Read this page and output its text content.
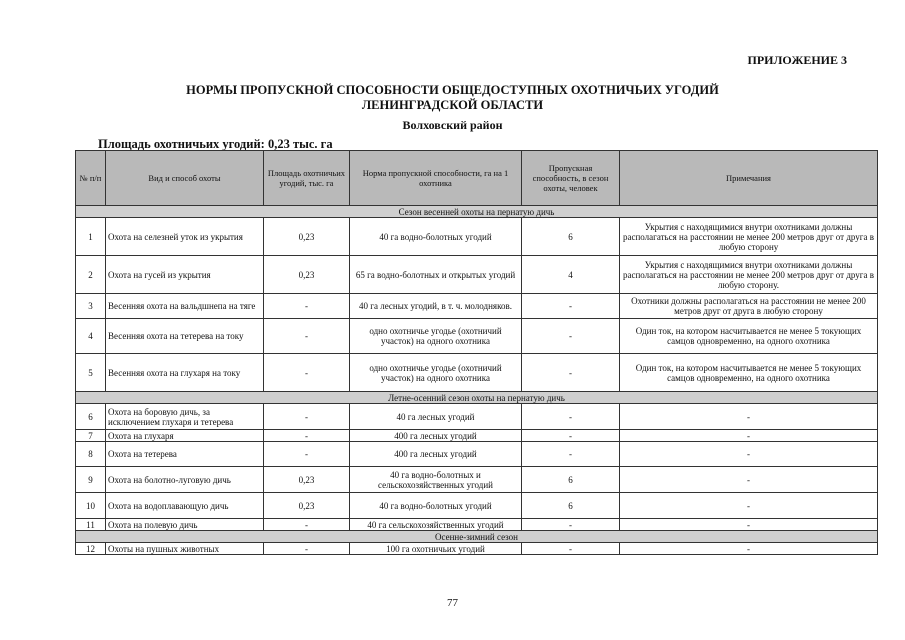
ПРИЛОЖЕНИЕ 3
НОРМЫ ПРОПУСКНОЙ СПОСОБНОСТИ ОБЩЕДОСТУПНЫХ ОХОТНИЧЬИХ УГОДИЙ
ЛЕНИНГРАДСКОЙ ОБЛАСТИ
Волховский район
Площадь охотничьих угодий: 0,23 тыс. га
№ п/п	Вид и способ охоты	Площадь охотничьих угодий, тыс. га	Норма пропускной способности, га на 1 охотника	Пропускная способность, в сезон охоты, человек	Примечания
Сезон весенней охоты на пернатую дичь					
1	Охота на селезней уток из укрытия	0,23	40 га водно-болотных угодий	6	Укрытия с находящимися внутри охотниками должны располагаться на расстоянии не менее 200 метров друг от друга в любую сторону
2	Охота на гусей из укрытия	0,23	65 га водно-болотных и открытых угодий	4	Укрытия с находящимися внутри охотниками должны располагаться на расстоянии не менее 200 метров друг от друга в любую сторону.
3	Весенняя охота на вальдшнепа на тяге	-	40 га лесных угодий, в т. ч. молодняков.	-	Охотники должны располагаться на расстоянии не менее 200 метров друг от друга в любую сторону
4	Весенняя охота на тетерева на току	-	одно охотничье угодье (охотничий участок) на одного охотника	-	Один ток, на котором насчитывается не менее 5 токующих самцов одновременно, на одного охотника
5	Весенняя охота на глухаря на току	-	одно охотничье угодье (охотничий участок) на одного охотника	-	Один ток, на котором насчитывается не менее 5 токующих самцов одновременно, на одного охотника
Летне-осенний сезон охоты на пернатую дичь					
6	Охота на боровую дичь, за исключением глухаря и тетерева	-	40 га лесных угодий	-	-
7	Охота на глухаря	-	400 га лесных угодий	-	-
8	Охота на тетерева	-	400 га лесных угодий	-	-
9	Охота на болотно-луговую дичь	0,23	40 га водно-болотных и сельскохозяйственных угодий	6	-
10	Охота на водоплавающую дичь	0,23	40 га водно-болотных угодий	6	-
11	Охота на полевую дичь	-	40 га сельскохозяйственных угодий	-	-
Осенне-зимний сезон					
12	Охоты на пушных животных	-	100 га охотничьих угодий	-	-
77
